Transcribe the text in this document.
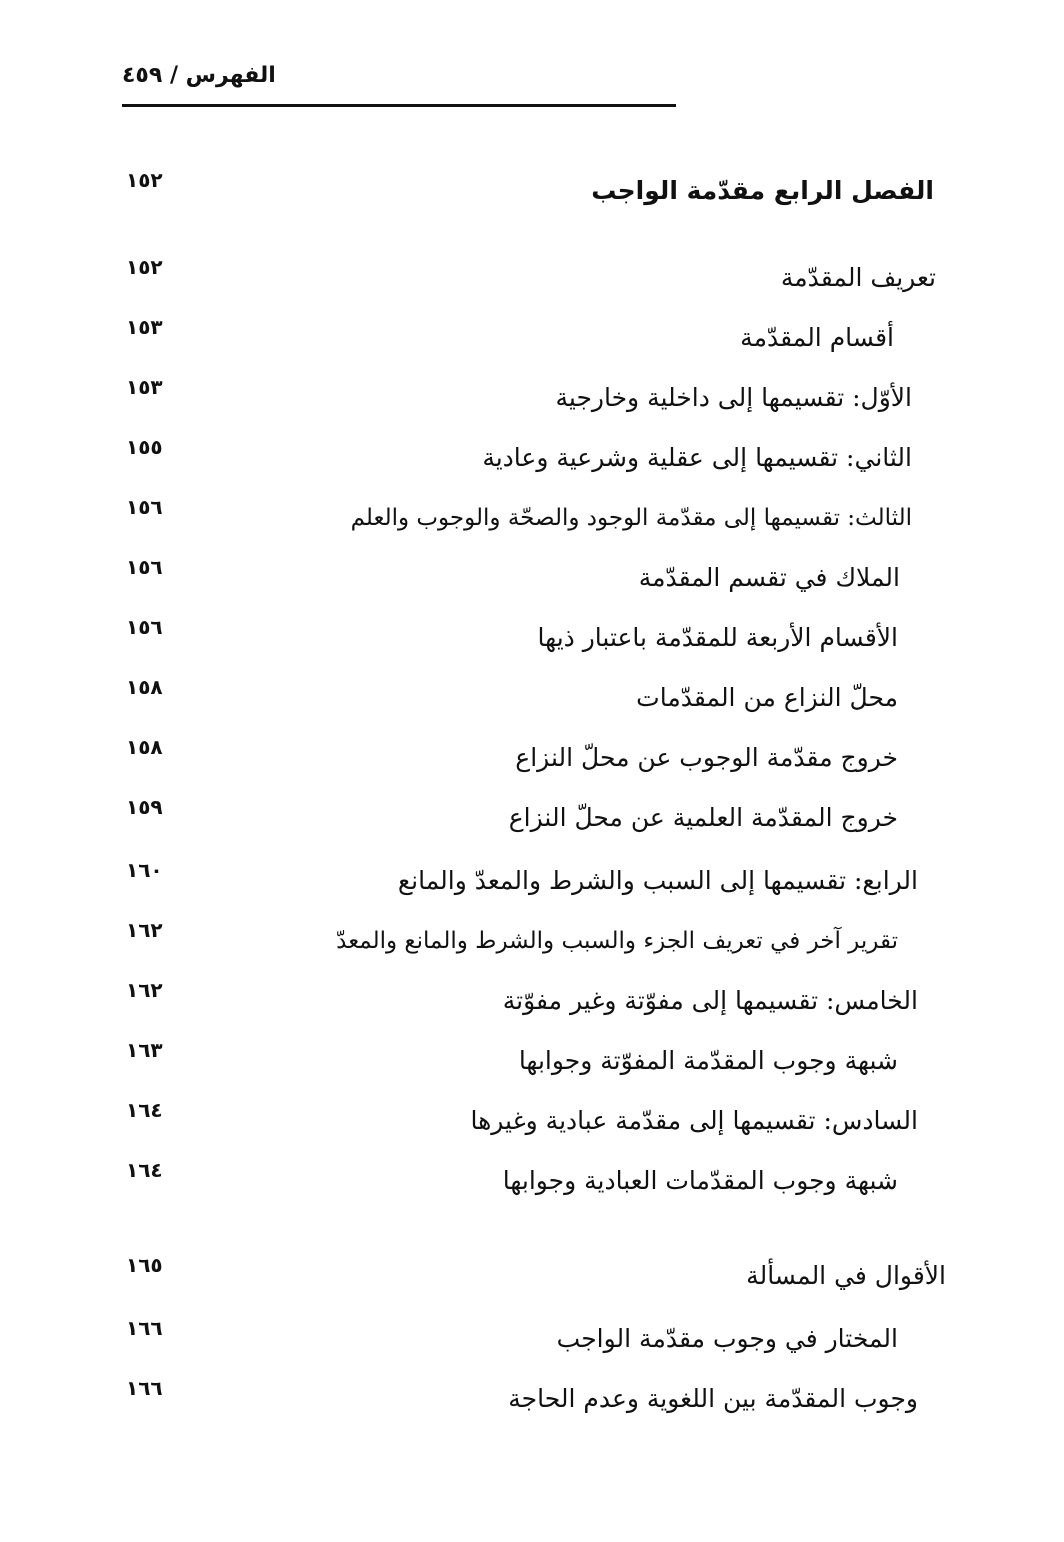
الفهرس / ٤٥٩
١٥٢	الفصل الرابع مقدّمة الواجب
١٥٢	تعريف المقدّمة
١٥٣	أقسام المقدّمة
١٥٣	الأوّل: تقسيمها إلى داخلية وخارجية
١٥٥	الثاني: تقسيمها إلى عقلية وشرعية وعادية
١٥٦	الثالث: تقسيمها إلى مقدّمة الوجود والصحّة والوجوب والعلم
١٥٦	الملاك في تقسم المقدّمة
١٥٦	الأقسام الأربعة للمقدّمة باعتبار ذيها
١٥٨	محلّ النزاع من المقدّمات
١٥٨	خروج مقدّمة الوجوب عن محلّ النزاع
١٥٩	خروج المقدّمة العلمية عن محلّ النزاع
١٦٠	الرابع: تقسيمها إلى السبب والشرط والمعدّ والمانع
١٦٢	تقرير آخر في تعريف الجزء والسبب والشرط والمانع والمعدّ
١٦٢	الخامس: تقسيمها إلى مفوّتة وغير مفوّتة
١٦٣	شبهة وجوب المقدّمة المفوّتة وجوابها
١٦٤	السادس: تقسيمها إلى مقدّمة عبادية وغيرها
١٦٤	شبهة وجوب المقدّمات العبادية وجوابها
١٦٥	الأقوال في المسألة
١٦٦	المختار في وجوب مقدّمة الواجب
١٦٦	وجوب المقدّمة بين اللغوية وعدم الحاجة
